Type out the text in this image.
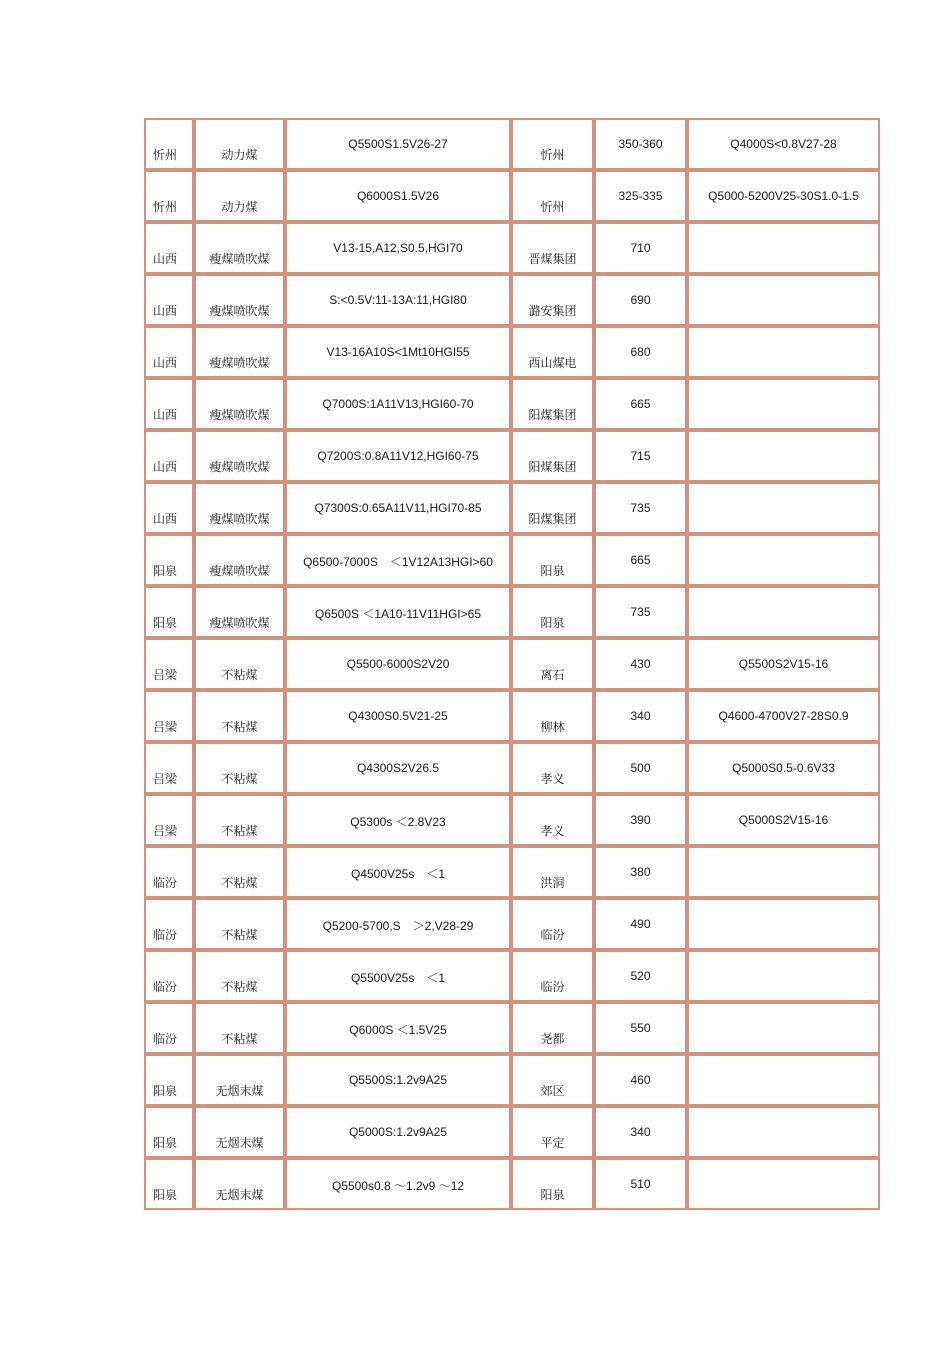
忻州	动力煤	Q5500S1.5V26-27	忻州	350-360	Q4000S<0.8V27-28
忻州	动力煤	Q6000S1.5V26	忻州	325-335	Q5000-5200V25-30S1.0-1.5
山西	瘦煤喷吹煤	V13-15,A12,S0.5,HGI70	晋煤集团	710	
山西	瘦煤喷吹煤	S:<0.5V:11-13A:11,HGI80	潞安集团	690	
山西	瘦煤喷吹煤	V13-16A10S<1Mt10HGI55	西山煤电	680	
山西	瘦煤喷吹煤	Q7000S:1A11V13,HGI60-70	阳煤集团	665	
山西	瘦煤喷吹煤	Q7200S:0.8A11V12,HGI60-75	阳煤集团	715	
山西	瘦煤喷吹煤	Q7300S:0.65A11V11,HGI70-85	阳煤集团	735	
阳泉	瘦煤喷吹煤	Q6500-7000S　＜1V12A13HGI>60	阳泉	665	
阳泉	瘦煤喷吹煤	Q6500S ＜1A10-11V11HGI>65	阳泉	735	
吕梁	不粘煤	Q5500-6000S2V20	离石	430	Q5500S2V15-16
吕梁	不粘煤	Q4300S0.5V21-25	柳林	340	Q4600-4700V27-28S0.9
吕梁	不粘煤	Q4300S2V26.5	孝义	500	Q5000S0.5-0.6V33
吕梁	不粘煤	Q5300s ＜2.8V23	孝义	390	Q5000S2V15-16
临汾	不粘煤	Q4500V25s　＜1	洪洞	380	
临汾	不粘煤	Q5200-5700,S　＞2,V28-29	临汾	490	
临汾	不粘煤	Q5500V25s　＜1	临汾	520	
临汾	不粘煤	Q6000S ＜1.5V25	尧都	550	
阳泉	无烟末煤	Q5500S:1.2v9A25	郊区	460	
阳泉	无烟末煤	Q5000S:1.2v9A25	平定	340	
阳泉	无烟末煤	Q5500s0.8 ～1.2v9 ～12	阳泉	510	
